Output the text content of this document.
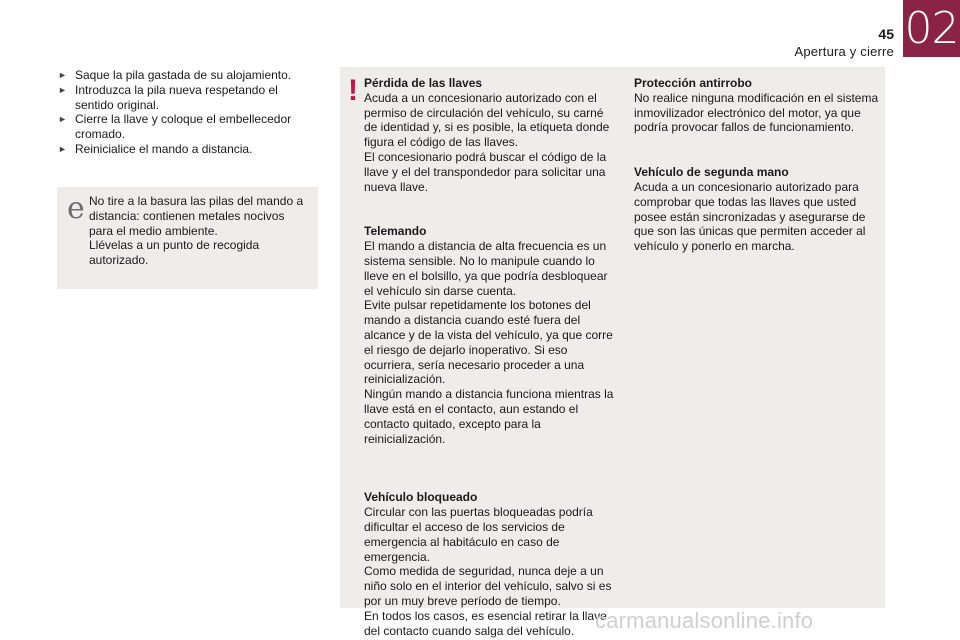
02
45
Apertura y cierre
► Saque la pila gastada de su alojamiento.
► Introduzca la pila nueva respetando el sentido original.
► Cierre la llave y coloque el embellecedor cromado.
► Reinicialice el mando a distancia.
e No tire a la basura las pilas del mando a distancia: contienen metales nocivos para el medio ambiente.
Llévelas a un punto de recogida autorizado.
! Pérdida de las llaves

Acuda a un concesionario autorizado con el permiso de circulación del vehículo, su carné de identidad y, si es posible, la etiqueta donde figura el código de las llaves.

El concesionario podrá buscar el código de la llave y el del transpondedor para solicitar una nueva llave.

Telemando

El mando a distancia de alta frecuencia es un sistema sensible. No lo manipule cuando lo lleve en el bolsillo, ya que podría desbloquear el vehículo sin darse cuenta.

Evite pulsar repetidamente los botones del mando a distancia cuando esté fuera del alcance y de la vista del vehículo, ya que corre el riesgo de dejarlo inoperativo. Si eso ocurriera, sería necesario proceder a una reinicialización.

Ningún mando a distancia funciona mientras la llave está en el contacto, aun estando el contacto quitado, excepto para la reinicialización.

Vehículo bloqueado

Circular con las puertas bloqueadas podría dificultar el acceso de los servicios de emergencia al habitáculo en caso de emergencia.

Como medida de seguridad, nunca deje a un niño solo en el interior del vehículo, salvo si es por un muy breve período de tiempo.

En todos los casos, es esencial retirar la llave del contacto cuando salga del vehículo.

Protección antirrobo

No realice ninguna modificación en el sistema inmovilizador electrónico del motor, ya que podría provocar fallos de funcionamiento.

Vehículo de segunda mano

Acuda a un concesionario autorizado para comprobar que todas las llaves que usted posee están sincronizadas y asegurarse de que son las únicas que permiten acceder al vehículo y ponerlo en marcha.

carmanualsonline.info
